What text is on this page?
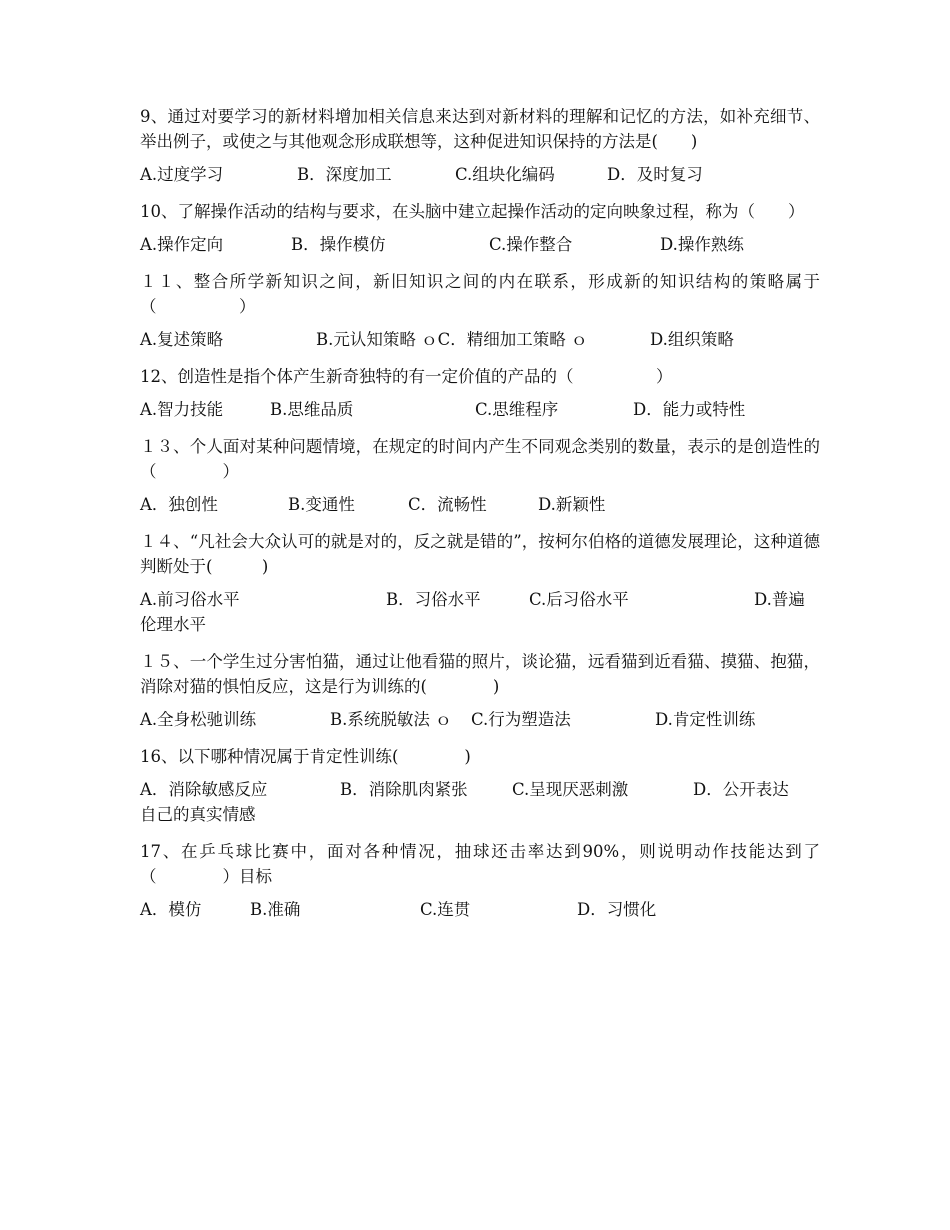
9、通过对要学习的新材料增加相关信息来达到对新材料的理解和记忆的方法，如补充细节、举出例子，或使之与其他观念形成联想等，这种促进知识保持的方法是(　　)

A.过度学习	B．深度加工	C.组块化编码	D．及时复习

10、了解操作活动的结构与要求，在头脑中建立起操作活动的定向映象过程，称为（　　）

A.操作定向	B．操作模仿	C.操作整合	D.操作熟练

１１、整合所学新知识之间，新旧知识之间的内在联系，形成新的知识结构的策略属于（　　　　　）

A.复述策略	B.元认知策略 ｏC．精细加工策略 ｏ	D.组织策略

12、创造性是指个体产生新奇独特的有一定价值的产品的（　　　　　）

A.智力技能	B.思维品质	C.思维程序	D．能力或特性

１３、个人面对某种问题情境，在规定的时间内产生不同观念类别的数量，表示的是创造性的（　　　　）

A．独创性	B.变通性	C．流畅性	D.新颖性

１４、“凡社会大众认可的就是对的，反之就是错的”，按柯尔伯格的道德发展理论，这种道德判断处于(　　　)

A.前习俗水平	B．习俗水平	C.后习俗水平	D.普遍
伦理水平

１５、一个学生过分害怕猫，通过让他看猫的照片，谈论猫，远看猫到近看猫、摸猫、抱猫，消除对猫的惧怕反应，这是行为训练的(　　　　)

A.全身松驰训练	B.系统脱敏法 ｏ C.行为塑造法	D.肯定性训练

16、以下哪种情况属于肯定性训练(　　　　)

A．消除敏感反应	B．消除肌肉紧张	C.呈现厌恶刺激	D．公开表达
自己的真实情感

17、在乒乓球比赛中，面对各种情况，抽球还击率达到90%，则说明动作技能达到了（　　　　）目标

A．模仿	B.准确	C.连贯	D．习惯化
